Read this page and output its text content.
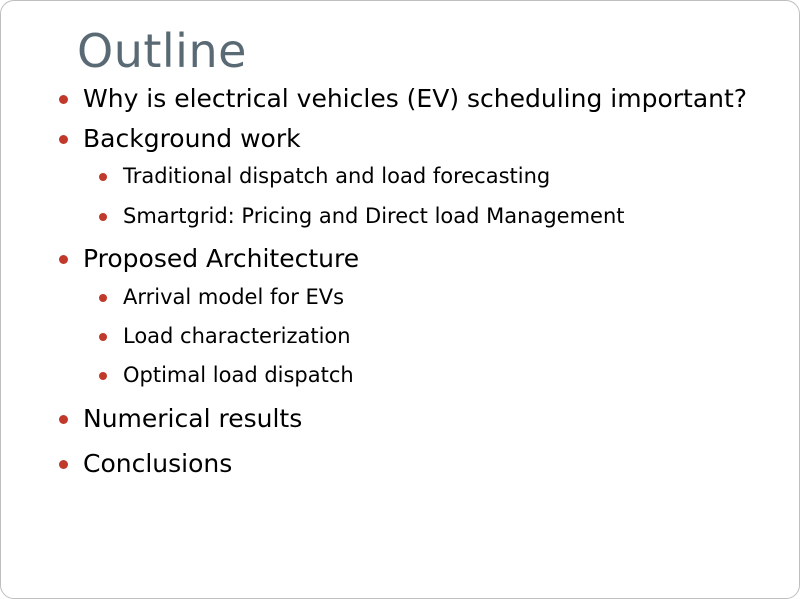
Outline
Why is electrical vehicles (EV) scheduling important?
Background work
Traditional dispatch and load forecasting
Smartgrid: Pricing and Direct load Management
Proposed Architecture
Arrival model for EVs
Load characterization
Optimal load dispatch
Numerical results
Conclusions
